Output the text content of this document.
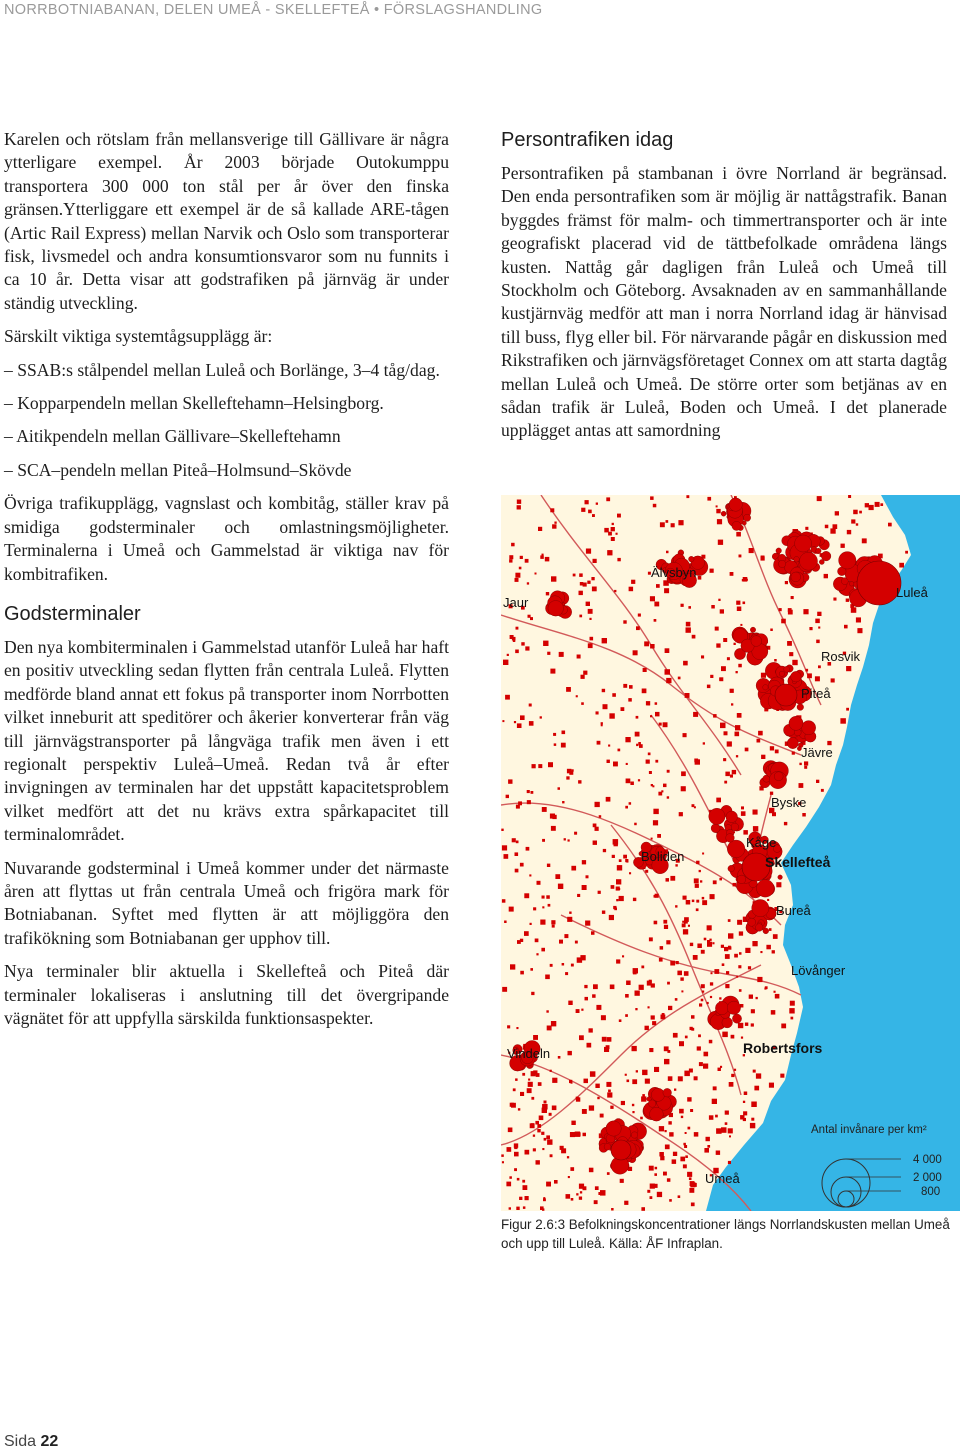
NORRBOTNIABANAN, DELEN UMEÅ - SKELLEFTEÅ • FÖRSLAGSHANDLING

Karelen och rötslam från mellansverige till Gällivare är några ytterligare exempel. År 2003 började Outokumppu transportera 300 000 ton stål per år över den finska gränsen.Ytterliggare ett exempel är de så kallade ARE-tågen (Artic Rail Express) mellan Narvik och Oslo som transporterar fisk, livsmedel och andra konsumtionsvaror som nu funnits i ca 10 år. Detta visar att godstrafiken på järnväg är under ständig utveckling.

Särskilt viktiga systemtågsupplägg är:

– SSAB:s stålpendel mellan Luleå och Borlänge, 3–4 tåg/dag.

– Kopparpendeln mellan Skelleftehamn–Helsingborg.

– Aitikpendeln mellan Gällivare–Skelleftehamn

– SCA–pendeln mellan Piteå–Holmsund–Skövde

Övriga trafikupplägg, vagnslast och kombitåg, ställer krav på smidiga godsterminaler och omlastningsmöjligheter. Terminalerna i Umeå och Gammelstad är viktiga nav för kombitrafiken.

Godsterminaler

Den nya kombiterminalen i Gammelstad utanför Luleå har haft en positiv utveckling sedan flytten från centrala Luleå. Flytten medförde bland annat ett fokus på transporter inom Norrbotten vilket inneburit att speditörer och åkerier konverterar från väg till järnvägstransporter på långväga trafik men även i ett regionalt perspektiv Luleå–Umeå. Redan två år efter invigningen av terminalen har det uppstått kapacitetsproblem vilket medfört att det nu krävs extra spårkapacitet till terminalområdet.

Nuvarande godsterminal i Umeå kommer under det närmaste åren att flyttas ut från centrala Umeå och frigöra mark för Botniabanan. Syftet med flytten är att möjliggöra den trafikökning som Botniabanan ger upphov till.

Nya terminaler blir aktuella i Skellefteå och Piteå där terminaler lokaliseras i anslutning till det övergripande vägnätet för att uppfylla särskilda funktionsaspekter.

Persontrafiken idag

Persontrafiken på stambanan i övre Norrland är begränsad. Den enda persontrafiken som är möjlig är nattågstrafik. Banan byggdes främst för malm- och timmertransporter och är inte geografiskt placerad vid de tättbefolkade områdena längs kusten. Nattåg går dagligen från Luleå och Umeå till Stockholm och Göteborg. Avsaknaden av en sammanhållande kustjärnväg medför att man i norra Norrland idag är hänvisad till buss, flyg eller bil. För närvarande pågår en diskussion med Rikstrafiken och järnvägsföretaget Connex om att starta dagtåg mellan Luleå och Umeå. De större orter som betjänas av en sådan trafik är Luleå, Boden och Umeå. I det planerade upplägget antas att samordning

Älvsbyn
Luleå
Jaur
Rosvik
Piteå
Jävre
Byske
Kåge
Boliden	Skellefteå
Bureå
Lövånger
Vindeln	Robertsfors
Umeå
Antal invånare per km²
4 000
2 000
800
Figur 2.6:3 Befolkningskoncentrationer längs Norrlandskusten mellan Umeå och upp till Luleå. Källa: ÅF Infraplan.
Sida 22
